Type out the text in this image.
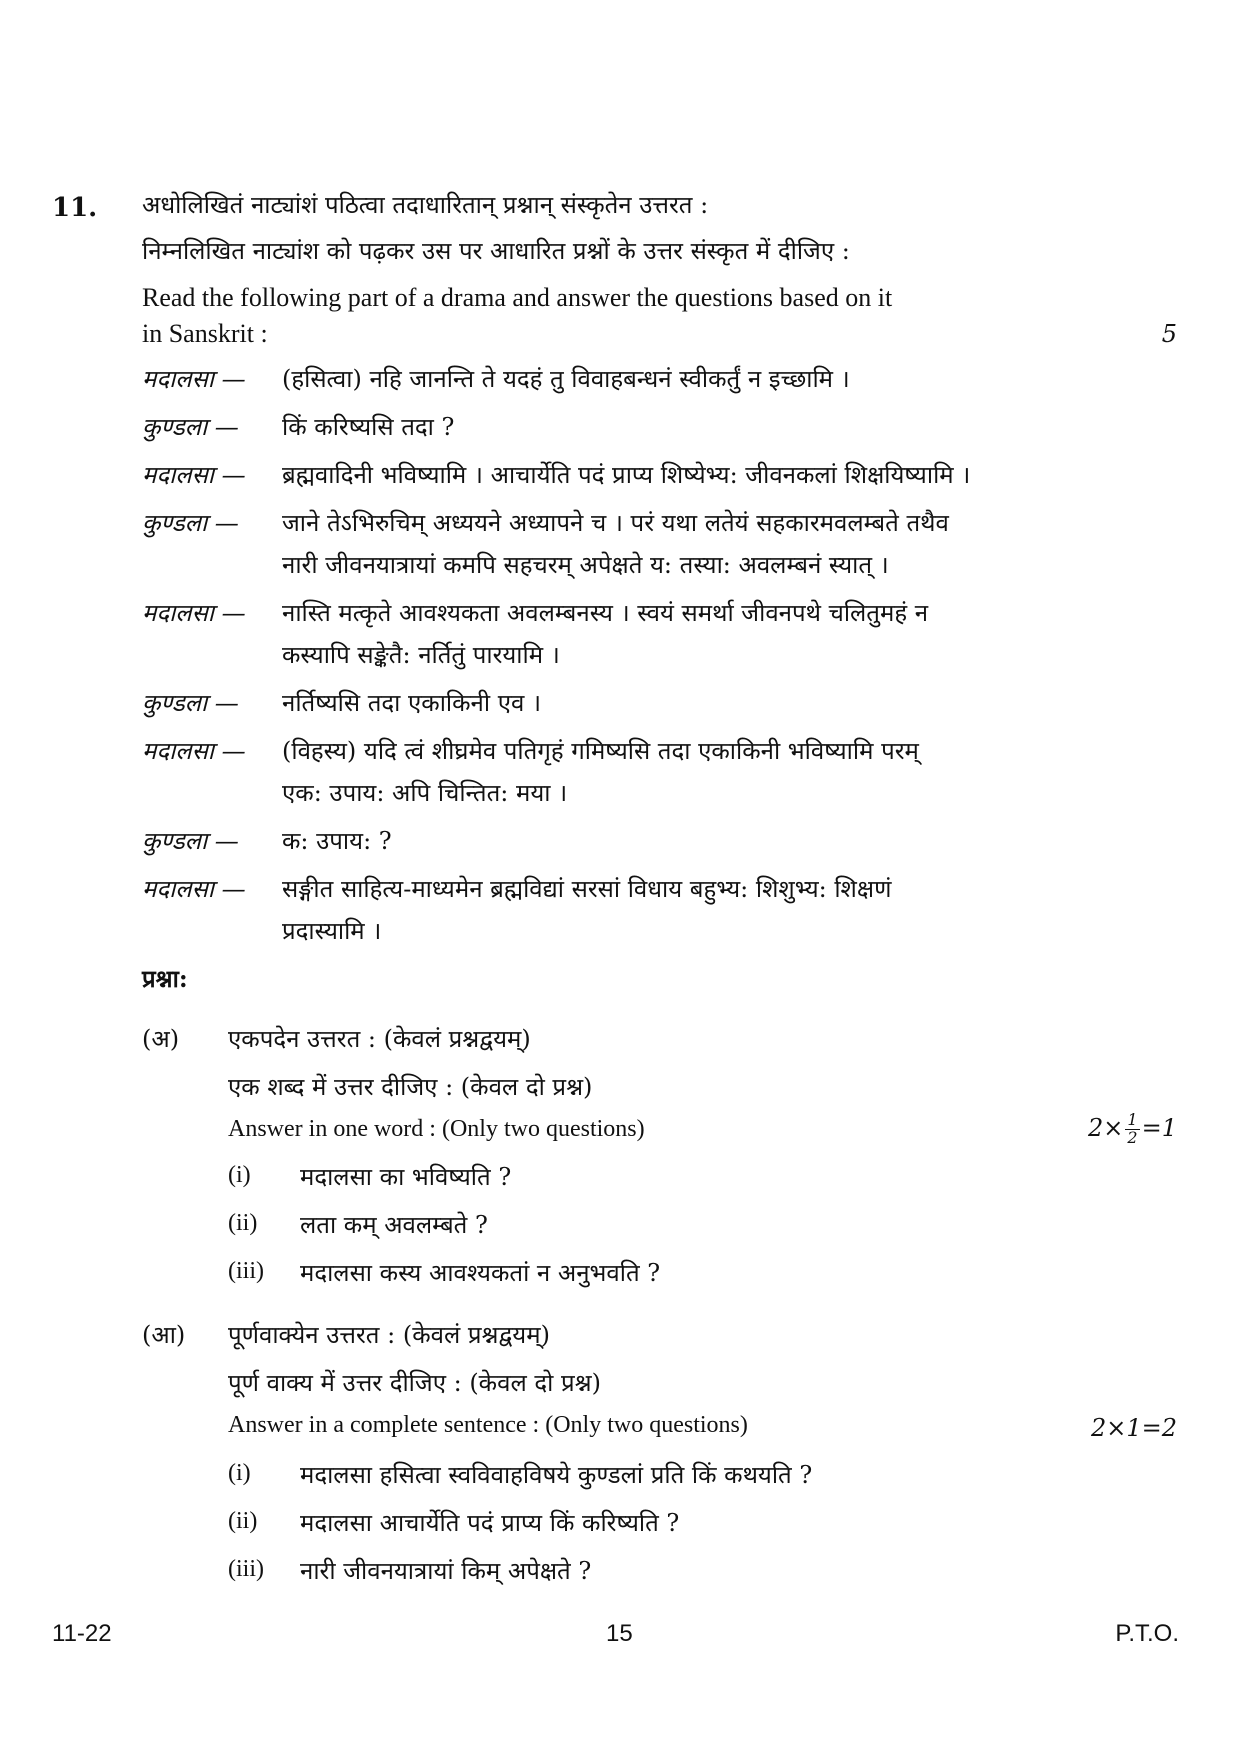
11. अधोलिखितं नाट्यांशं पठित्वा तदाधारितान् प्रश्नान् संस्कृतेन उत्तरत :
निम्नलिखित नाट्यांश को पढ़कर उस पर आधारित प्रश्नों के उत्तर संस्कृत में दीजिए :
Read the following part of a drama and answer the questions based on it
in Sanskrit :	5
मदालसा — (हसित्वा) नहि जानन्ति ते यदहं तु विवाहबन्धनं स्वीकर्तुं न इच्छामि ।
कुण्डला — किं करिष्यसि तदा ?
मदालसा — ब्रह्मवादिनी भविष्यामि । आचार्येति पदं प्राप्य शिष्येभ्य: जीवनकलां शिक्षयिष्यामि ।
कुण्डला — जाने तेऽभिरुचिम् अध्ययने अध्यापने च । परं यथा लतेयं सहकारमवलम्बते तथैव
नारी जीवनयात्रायां कमपि सहचरम् अपेक्षते य: तस्या: अवलम्बनं स्यात् ।
मदालसा — नास्ति मत्कृते आवश्यकता अवलम्बनस्य । स्वयं समर्था जीवनपथे चलितुमहं न
कस्यापि सङ्केतै: नर्तितुं पारयामि ।
कुण्डला — नर्तिष्यसि तदा एकाकिनी एव ।
मदालसा — (विहस्य) यदि त्वं शीघ्रमेव पतिगृहं गमिष्यसि तदा एकाकिनी भविष्यामि परम्
एक: उपाय: अपि चिन्तित: मया ।
कुण्डला — क: उपाय: ?
मदालसा — सङ्गीत साहित्य-माध्यमेन ब्रह्मविद्यां सरसां विधाय बहुभ्य: शिशुभ्य: शिक्षणं
प्रदास्यामि ।
प्रश्ना:
(अ) एकपदेन उत्तरत : (केवलं प्रश्नद्वयम्)
एक शब्द में उत्तर दीजिए : (केवल दो प्रश्न)
Answer in one word : (Only two questions)	$2\times \frac{1}{2} =1$
(i) मदालसा का भविष्यति ?
(ii) लता कम् अवलम्बते ?
(iii) मदालसा कस्य आवश्यकतां न अनुभवति ?
(आ) पूर्णवाक्येन उत्तरत : (केवलं प्रश्नद्वयम्)
पूर्ण वाक्य में उत्तर दीजिए : (केवल दो प्रश्न)
Answer in a complete sentence : (Only two questions)	2×1=2
(i) मदालसा हसित्वा स्वविवाहविषये कुण्डलां प्रति किं कथयति ?
(ii) मदालसा आचार्येति पदं प्राप्य किं करिष्यति ?
(iii) नारी जीवनयात्रायां किम् अपेक्षते ?
11-22	15	P.T.O.
